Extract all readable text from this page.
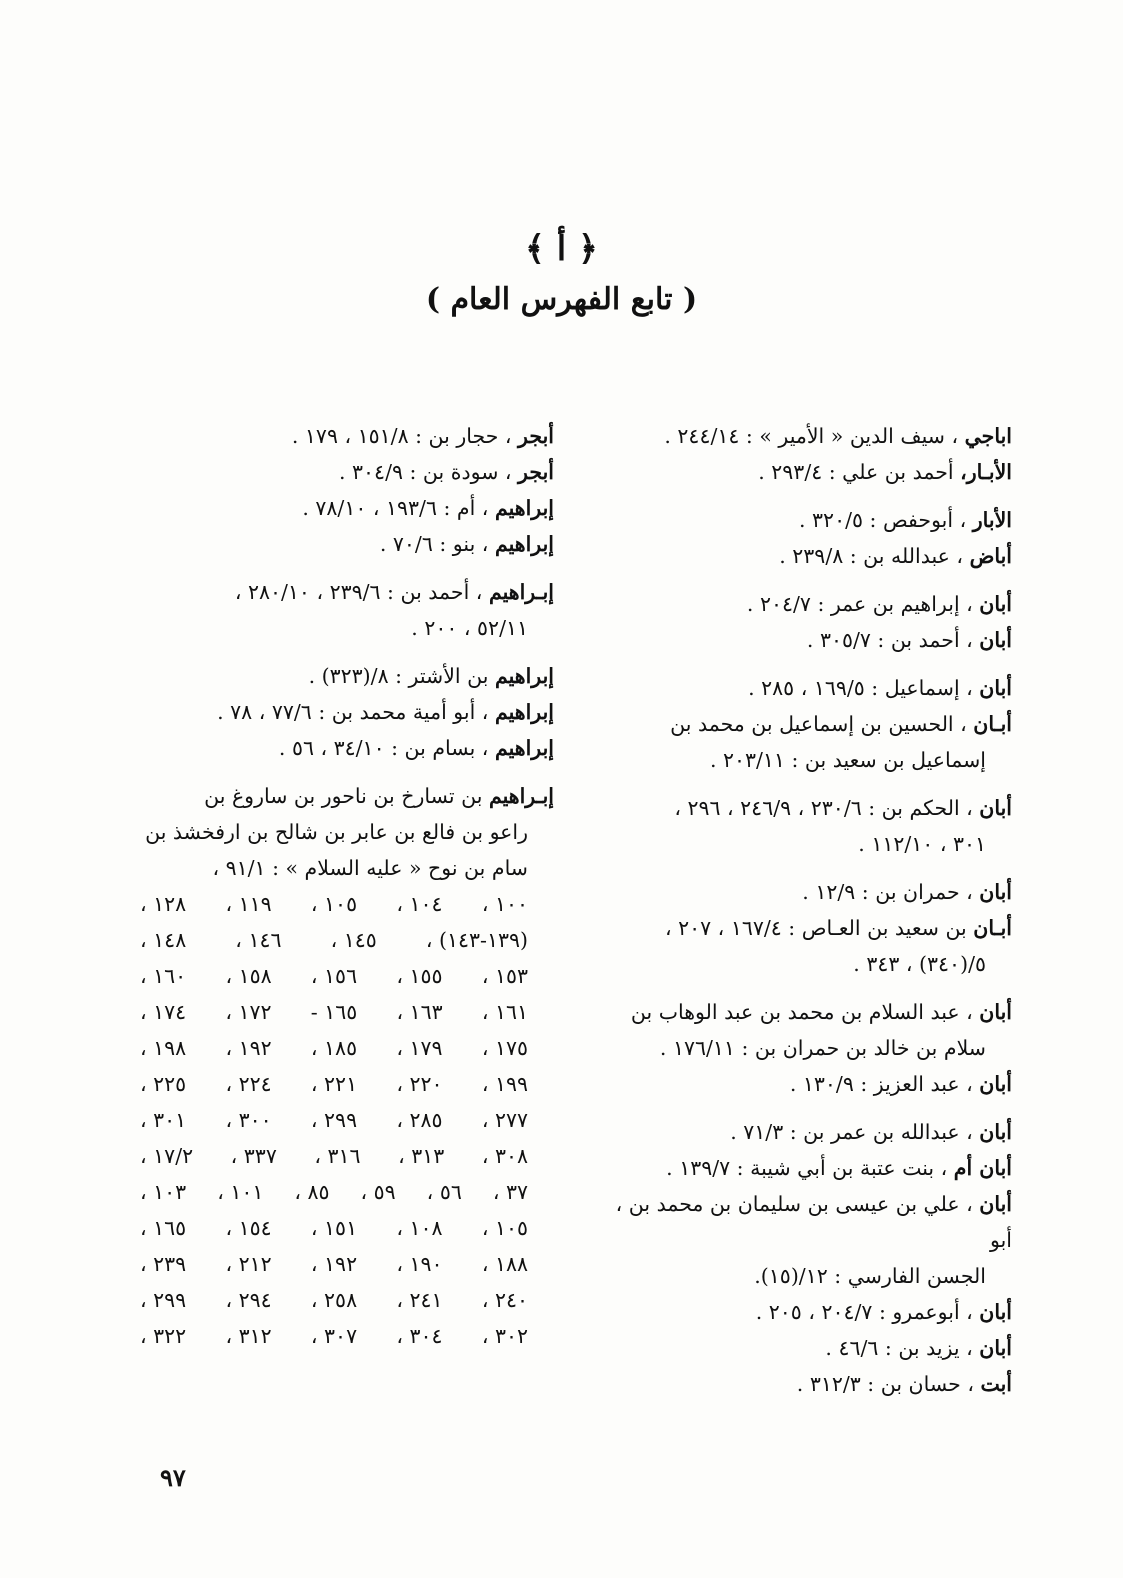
﴿ أ ﴾
( تابع الفهرس العام )
اباجي ، سيف الدين « الأمير » : ٢٤٤/١٤ .
الأبـار، أحمد بن علي : ٢٩٣/٤ .
الأبار ، أبوحفص : ٣٢٠/٥ .
أباض ، عبدالله بن : ٢٣٩/٨ .
أبان ، إبراهيم بن عمر : ٢٠٤/٧ .
أبان ، أحمد بن : ٣٠٥/٧ .
أبان ، إسماعيل : ١٦٩/٥ ، ٢٨٥ .
أبـان ، الحسين بن إسماعيل بن محمد بن
إسماعيل بن سعيد بن : ٢٠٣/١١ .
أبان ، الحكم بن : ٢٣٠/٦ ، ٢٤٦/٩ ، ٢٩٦ ،
٣٠١ ، ١١٢/١٠ .
أبان ، حمران بن : ١٢/٩ .
أبـان بن سعيد بن العـاص : ١٦٧/٤ ، ٢٠٧ ،
٥/(٣٤٠) ، ٣٤٣ .
أبان ، عبد السلام بن محمد بن عبد الوهاب بن
سلام بن خالد بن حمران بن : ١٧٦/١١ .
أبان ، عبد العزيز : ١٣٠/٩ .
أبان ، عبدالله بن عمر بن : ٧١/٣ .
أبان أم ، بنت عتبة بن أبي شيبة : ١٣٩/٧ .
أبان ، علي بن عيسى بن سليمان بن محمد بن ، أبو
الجسن الفارسي : ١٢/(١٥).
أبان ، أبوعمرو : ٢٠٤/٧ ، ٢٠٥ .
أبان ، يزيد بن : ٤٦/٦ .
أبت ، حسان بن : ٣١٢/٣ .
أبجر ، حجار بن : ١٥١/٨ ، ١٧٩ .
أبجر ، سودة بن : ٣٠٤/٩ .
إبراهيم ، أم : ١٩٣/٦ ، ٧٨/١٠ .
إبراهيم ، بنو : ٧٠/٦ .
إبـراهيم ، أحمد بن : ٢٣٩/٦ ، ٢٨٠/١٠ ،
٥٢/١١ ، ٢٠٠ .
إبراهيم بن الأشتر : ٨/(٣٢٣) .
إبراهيم ، أبو أمية محمد بن : ٧٧/٦ ، ٧٨ .
إبراهيم ، بسام بن : ٣٤/١٠ ، ٥٦ .
إبـراهيم بن تسارخ بن ناحور بن ساروغ بن
راعو بن فالع بن عابر بن شالح بن ارفخشذ بن
سام بن نوح « عليه السلام » : ٩١/١ ،
١٠٠ ،
١٠٤ ،
١٠٥ ،
١١٩ ،
١٢٨ ،
(١٣٩-١٤٣) ،
١٤٥ ،
١٤٦ ،
١٤٨ ،
١٥٣ ،
١٥٥ ،
١٥٦ ،
١٥٨ ،
١٦٠ ،
١٦١ ،
١٦٣ ،
١٦٥ -
١٧٢ ،
١٧٤ ،
١٧٥ ،
١٧٩ ،
١٨٥ ،
١٩٢ ،
١٩٨ ،
١٩٩ ،
٢٢٠ ،
٢٢١ ،
٢٢٤ ،
٢٢٥ ،
٢٧٧ ،
٢٨٥ ،
٢٩٩ ،
٣٠٠ ،
٣٠١ ،
٣٠٨ ،
٣١٣ ،
٣١٦ ،
٣٣٧ ،
١٧/٢ ،
٣٧ ،
٥٦ ،
٥٩ ،
٨٥ ،
١٠١ ،
١٠٣ ،
١٠٥ ،
١٠٨ ،
١٥١ ،
١٥٤ ،
١٦٥ ،
١٨٨ ،
١٩٠ ،
١٩٢ ،
٢١٢ ،
٢٣٩ ،
٢٤٠ ،
٢٤١ ،
٢٥٨ ،
٢٩٤ ،
٢٩٩ ،
٣٠٢ ،
٣٠٤ ،
٣٠٧ ،
٣١٢ ،
٣٢٢ ،
٩٧
